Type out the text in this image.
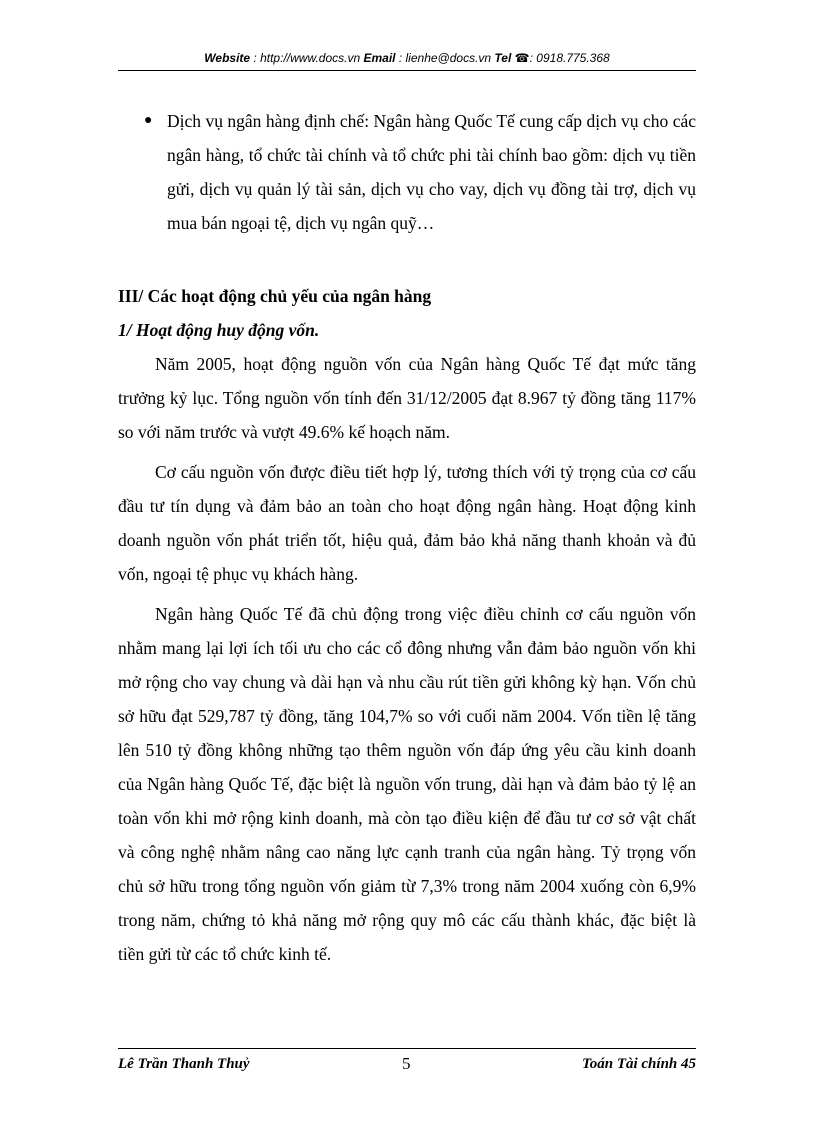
Website : http://www.docs.vn Email : lienhe@docs.vn Tel ☎: 0918.775.368
● Dịch vụ ngân hàng định chế: Ngân hàng Quốc Tế cung cấp dịch vụ cho các ngân hàng, tổ chức tài chính và tổ chức phi tài chính bao gồm: dịch vụ tiền gửi, dịch vụ quản lý tài sản, dịch vụ cho vay, dịch vụ đồng tài trợ, dịch vụ mua bán ngoại tệ, dịch vụ ngân quỹ…
III/ Các hoạt động chủ yếu của ngân hàng
1/ Hoạt động huy động vốn.

Năm 2005, hoạt động nguồn vốn của Ngân hàng Quốc Tế đạt mức tăng trưởng kỷ lục. Tổng nguồn vốn tính đến 31/12/2005 đạt 8.967 tỷ đồng tăng 117% so với năm trước và vượt 49.6% kế hoạch năm.

Cơ cấu nguồn vốn được điều tiết hợp lý, tương thích với tỷ trọng của cơ cấu đầu tư tín dụng và đảm bảo an toàn cho hoạt động ngân hàng. Hoạt động kinh doanh nguồn vốn phát triển tốt, hiệu quả, đảm bảo khả năng thanh khoản và đủ vốn, ngoại tệ phục vụ khách hàng.

Ngân hàng Quốc Tế đã chủ động trong việc điều chỉnh cơ cấu nguồn vốn nhằm mang lại lợi ích tối ưu cho các cổ đông nhưng vẫn đảm bảo nguồn vốn khi mở rộng cho vay chung và dài hạn và nhu cầu rút tiền gửi không kỳ hạn. Vốn chủ sở hữu đạt 529,787 tỷ đồng, tăng 104,7% so với cuối năm 2004. Vốn tiền lệ tăng lên 510 tỷ đồng không những tạo thêm nguồn vốn đáp ứng yêu cầu kinh doanh của Ngân hàng Quốc Tế, đặc biệt là nguồn vốn trung, dài hạn và đảm bảo tỷ lệ an toàn vốn khi mở rộng kinh doanh, mà còn tạo điều kiện để đầu tư cơ sở vật chất và công nghệ nhằm nâng cao năng lực cạnh tranh của ngân hàng. Tỷ trọng vốn chủ sở hữu trong tổng nguồn vốn giảm từ 7,3% trong năm 2004 xuống còn 6,9% trong năm, chứng tỏ khả năng mở rộng quy mô các cấu thành khác, đặc biệt là tiền gửi từ các tổ chức kinh tế.

Lê Trần Thanh Thuỷ	5	Toán Tài chính 45
